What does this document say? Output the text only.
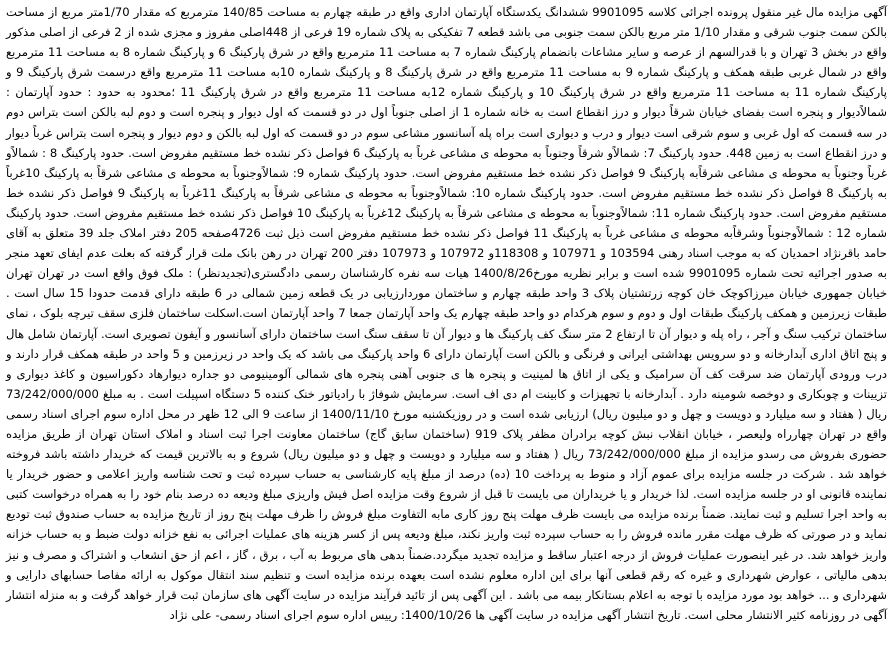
آگهی مزایده مال غیر منقول پرونده اجرائی کلاسه 9901095 ششدانگ یکدستگاه آپارتمان اداری واقع در طبقه چهارم به مساحت 140/85 مترمربع که مقدار 1/70متر مربع از مساحت بالکن سمت جنوب شرقی و مقدار 1/10 متر مربع بالکن سمت جنوبی می باشد قطعه 7 تفکیکی به پلاک شماره 19 فرعی از 448اصلی مفروز و مجزی شده از 2 فرعی از اصلی مذکور واقع در بخش 3 تهران و با قدرالسهم از عرصه و سایر مشاعات بانضمام پارکینگ شماره 7 به مساحت 11 مترمربع واقع در شرق پارکینگ 6 و پارکینگ شماره 8 به مساحت 11 مترمربع واقع در شمال غربی طبقه همکف و پارکینگ شماره 9 به مساحت 11 مترمربع واقع در شرق پارکینگ 8 و پارکینگ شماره 10به مساحت 11 مترمربع واقع درسمت شرق پارکینگ 9 و پارکینگ شماره 11 به مساحت 11 مترمربع واقع در شرق پارکینگ 10 و پارکینگ شماره 12به مساحت 11 مترمربع واقع در شرق پارکینگ 11 ؛محدود به حدود : حدود آپارتمان : شمالاًدیوار و پنجره است بفضای خیابان شرقاً دیوار و درز انقطاع است به خانه شماره 1 از اصلی جنوباً اول در دو قسمت که اول دیوار و پنجره است و دوم لبه بالکن است بتراس دوم در سه قسمت که اول غربی و سوم شرقی است دیوار و درب و دیواری است براه پله آسانسور مشاعی سوم در دو قسمت که اول لبه بالکن و دوم دیوار و پنجره است بتراس غرباً دیوار و درز انقطاع است به زمین 448. حدود پارکینگ 7: شمالاًو شرقاً وجنوباً به محوطه ی مشاعی غرباً به پارکینگ 6 فواصل ذکر نشده خط مستقیم مفروض است. حدود پارکینگ 8 : شمالاًو غرباً وجنوباً به محوطه ی مشاعی شرقاًبه پارکینگ 9 فواصل ذکر نشده خط مستقیم مفروض است. حدود پارکینگ شماره 9: شمالاًوجنوباً به محوطه ی مشاعی شرقاً به پارکینگ 10غرباً به پارکینگ 8 فواصل ذکر نشده خط مستقیم مفروض است. حدود پارکینگ شماره 10: شمالاًوجنوباً به محوطه ی مشاعی شرقاً به پارکینگ 11غرباً به پارکینگ 9 فواصل ذکر نشده خط مستقیم مفروض است. حدود پارکینگ شماره 11: شمالاًوجنوباً به محوطه ی مشاعی شرقاً به پارکینگ 12غرباً به پارکینگ 10 فواصل ذکر نشده خط مستقیم مفروض است. حدود پارکینگ شماره 12 : شمالاًوجنوباً وشرقاًبه محوطه ی مشاعی غرباً به پارکینگ 11 فواصل ذکر نشده خط مستقیم مفروض است ذیل ثبت 4726صفحه 205 دفتر املاک جلد 39 متعلق به آقای حامد باقرنژاد احمدیان که به موجب اسناد رهنی 103594 و 107971 و 118308و 107972 و 107973 دفتر 200 تهران در رهن بانک ملت قرار گرفته که بعلت عدم ایفای تعهد منجر به صدور اجرائیه تحت شماره 9901095 شده است و برابر نظریه مورخ1400/8/26 هیات سه نفره کارشناسان رسمی دادگستری(تجدیدنظر) : ملک فوق واقع است در تهران تهران خیابان جمهوری خیابان میرزاکوچک خان کوچه زرتشتیان پلاک 3 واحد طبقه چهارم و ساختمان موردارزیابی در یک قطعه زمین شمالی در 6 طبقه دارای قدمت حدودا 15 سال است . طبقات زیرزمین و همکف پارکینگ طبقات اول و دوم و سوم هرکدام دو واحد طبقه چهارم یک واحد آپارتمان جمعا 7 واحد آپارتمان است.اسکلت ساختمان فلزی سقف تیرچه بلوک ، نمای ساختمان ترکیب سنگ و آجر ، راه پله و دیوار آن تا ارتفاع 2 متر سنگ کف پارکینگ ها و دیوار آن تا سقف سنگ است ساختمان دارای آسانسور و آیفون تصویری است. آپارتمان شامل هال و پنج اتاق اداری آبدارخانه و دو سرویس بهداشتی ایرانی و فرنگی و بالکن است آپارتمان دارای 6 واحد پارکینگ می باشد که یک واحد در زیرزمین و 5 واحد در طبقه همکف قرار دارند و درب ورودی آپارتمان ضد سرقت کف آن سرامیک و یکی از اتاق ها لمینیت و پنجره ها ی جنوبی آهنی پنجره های شمالی آلومینیومی دو جداره دیوارهاد دکوراسیون و کاغذ دیواری و تزیینات و چوبکاری و دوخصه شومینه دارد . آبدارخانه با تجهیزات و کابینت ام دی اف است. سرمایش شوفاژ با رادیاتور خنک کننده 5 دستگاه اسپیلت است . به مبلغ 73/242/000/000 ریال ( هفتاد و سه میلیارد و دویست و چهل و دو میلیون ریال) ارزیابی شده است و در روزیکشنبه مورخ 1400/11/10 از ساعت 9 الی 12 ظهر در محل اداره سوم اجرای اسناد رسمی واقع در تهران چهارراه ولیعصر ، خیابان انقلاب نبش کوچه برادران مظفر پلاک 919 (ساختمان سابق گاج) ساختمان معاونت اجرا ثبت اسناد و املاک استان تهران از طریق مزایده حضوری بفروش می رسدو مزایده از مبلغ 73/242/000/000 ریال ( هفتاد و سه میلیارد و دویست و چهل و دو میلیون ریال) شروع و به بالاترین قیمت که خریدار داشته باشد فروخته خواهد شد . شرکت در جلسه مزایده برای عموم آزاد و منوط به پرداخت 10 (ده) درصد از مبلغ پایه کارشناسی به حساب سپرده ثبت و تحت شناسه واریز اعلامی و حضور خریدار یا نماینده قانونی او در جلسه مزایده است. لذا خریدار و یا خریداران می بایست تا قبل از شروع وقت مزایده اصل فیش واریزی مبلغ ودیعه ده درصد بنام خود را به همراه درخواست کتبی به واحد اجرا تسلیم و ثبت نمایند. ضمناً برنده مزایده می بایست ظرف مهلت پنج روز کاری مابه التفاوت مبلغ فروش را ظرف مهلت پنج روز از تاریخ مزایده به حساب صندوق ثبت تودیع نماید و در صورتی که ظرف مهلت مقرر مانده فروش را به حساب سپرده ثبت واریز نکند، مبلغ ودیعه پس از کسر هزینه های عملیات اجرائی به نفع خزانه دولت ضبط و به حساب خزانه واریز خواهد شد. در غیر اینصورت عملیات فروش از درجه اعتبار ساقط و مزایده تجدید میگردد.ضمناً بدهی های مربوط به آب ، برق ، گاز ، اعم از حق انشعاب و اشتراک و مصرف و نیز بدهی مالیاتی ، عوارض شهرداری و غیره که رقم قطعی آنها برای این اداره معلوم نشده است بعهده برنده مزایده است و تنظیم سند انتقال موکول به ارائه مفاصا حسابهای دارایی و شهرداری و ... خواهد بود مورد مزایده با توجه به اعلام بستانکار بیمه می باشد . این آگهی پس از تائید فرآیند مزایده در سایت آگهی های سازمان ثبت قرار خواهد گرفت و به منزله انتشار آگهی در روزنامه کثیر الانتشار محلی است. تاریخ انتشار آگهی مزایده در سایت آگهی ها 1400/10/26: رییس اداره سوم اجرای اسناد رسمی- علی نژاد
